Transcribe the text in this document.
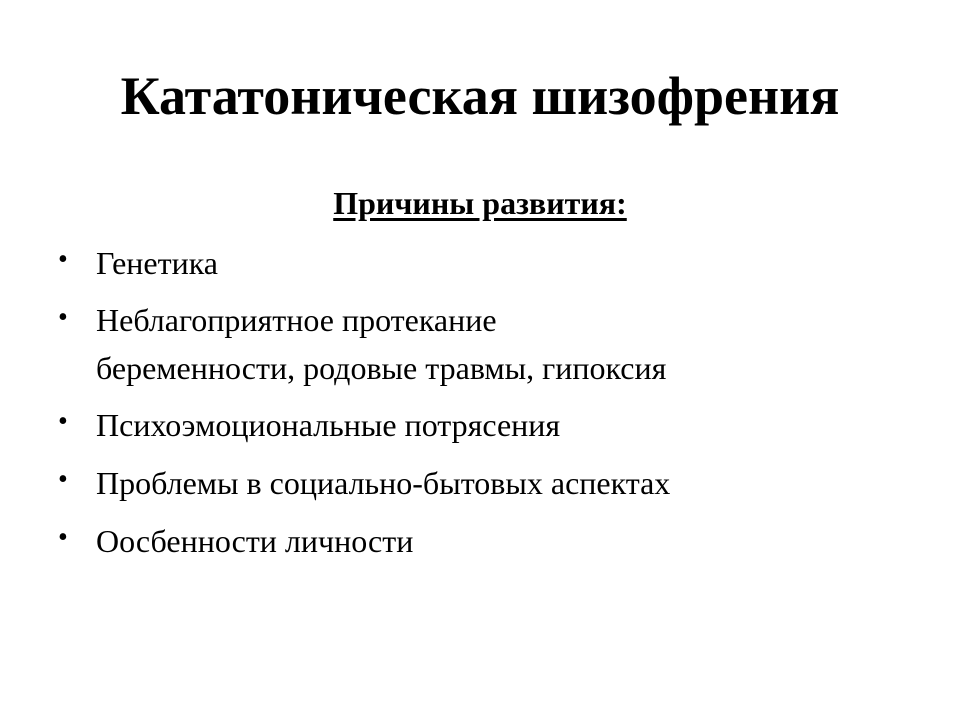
Кататоническая шизофрения
Причины развития:
• Генетика
• Неблагоприятное протекание
беременности, родовые травмы, гипоксия
• Психоэмоциональные потрясения
• Проблемы в социально-бытовых аспектах
• Оосбенности личности
